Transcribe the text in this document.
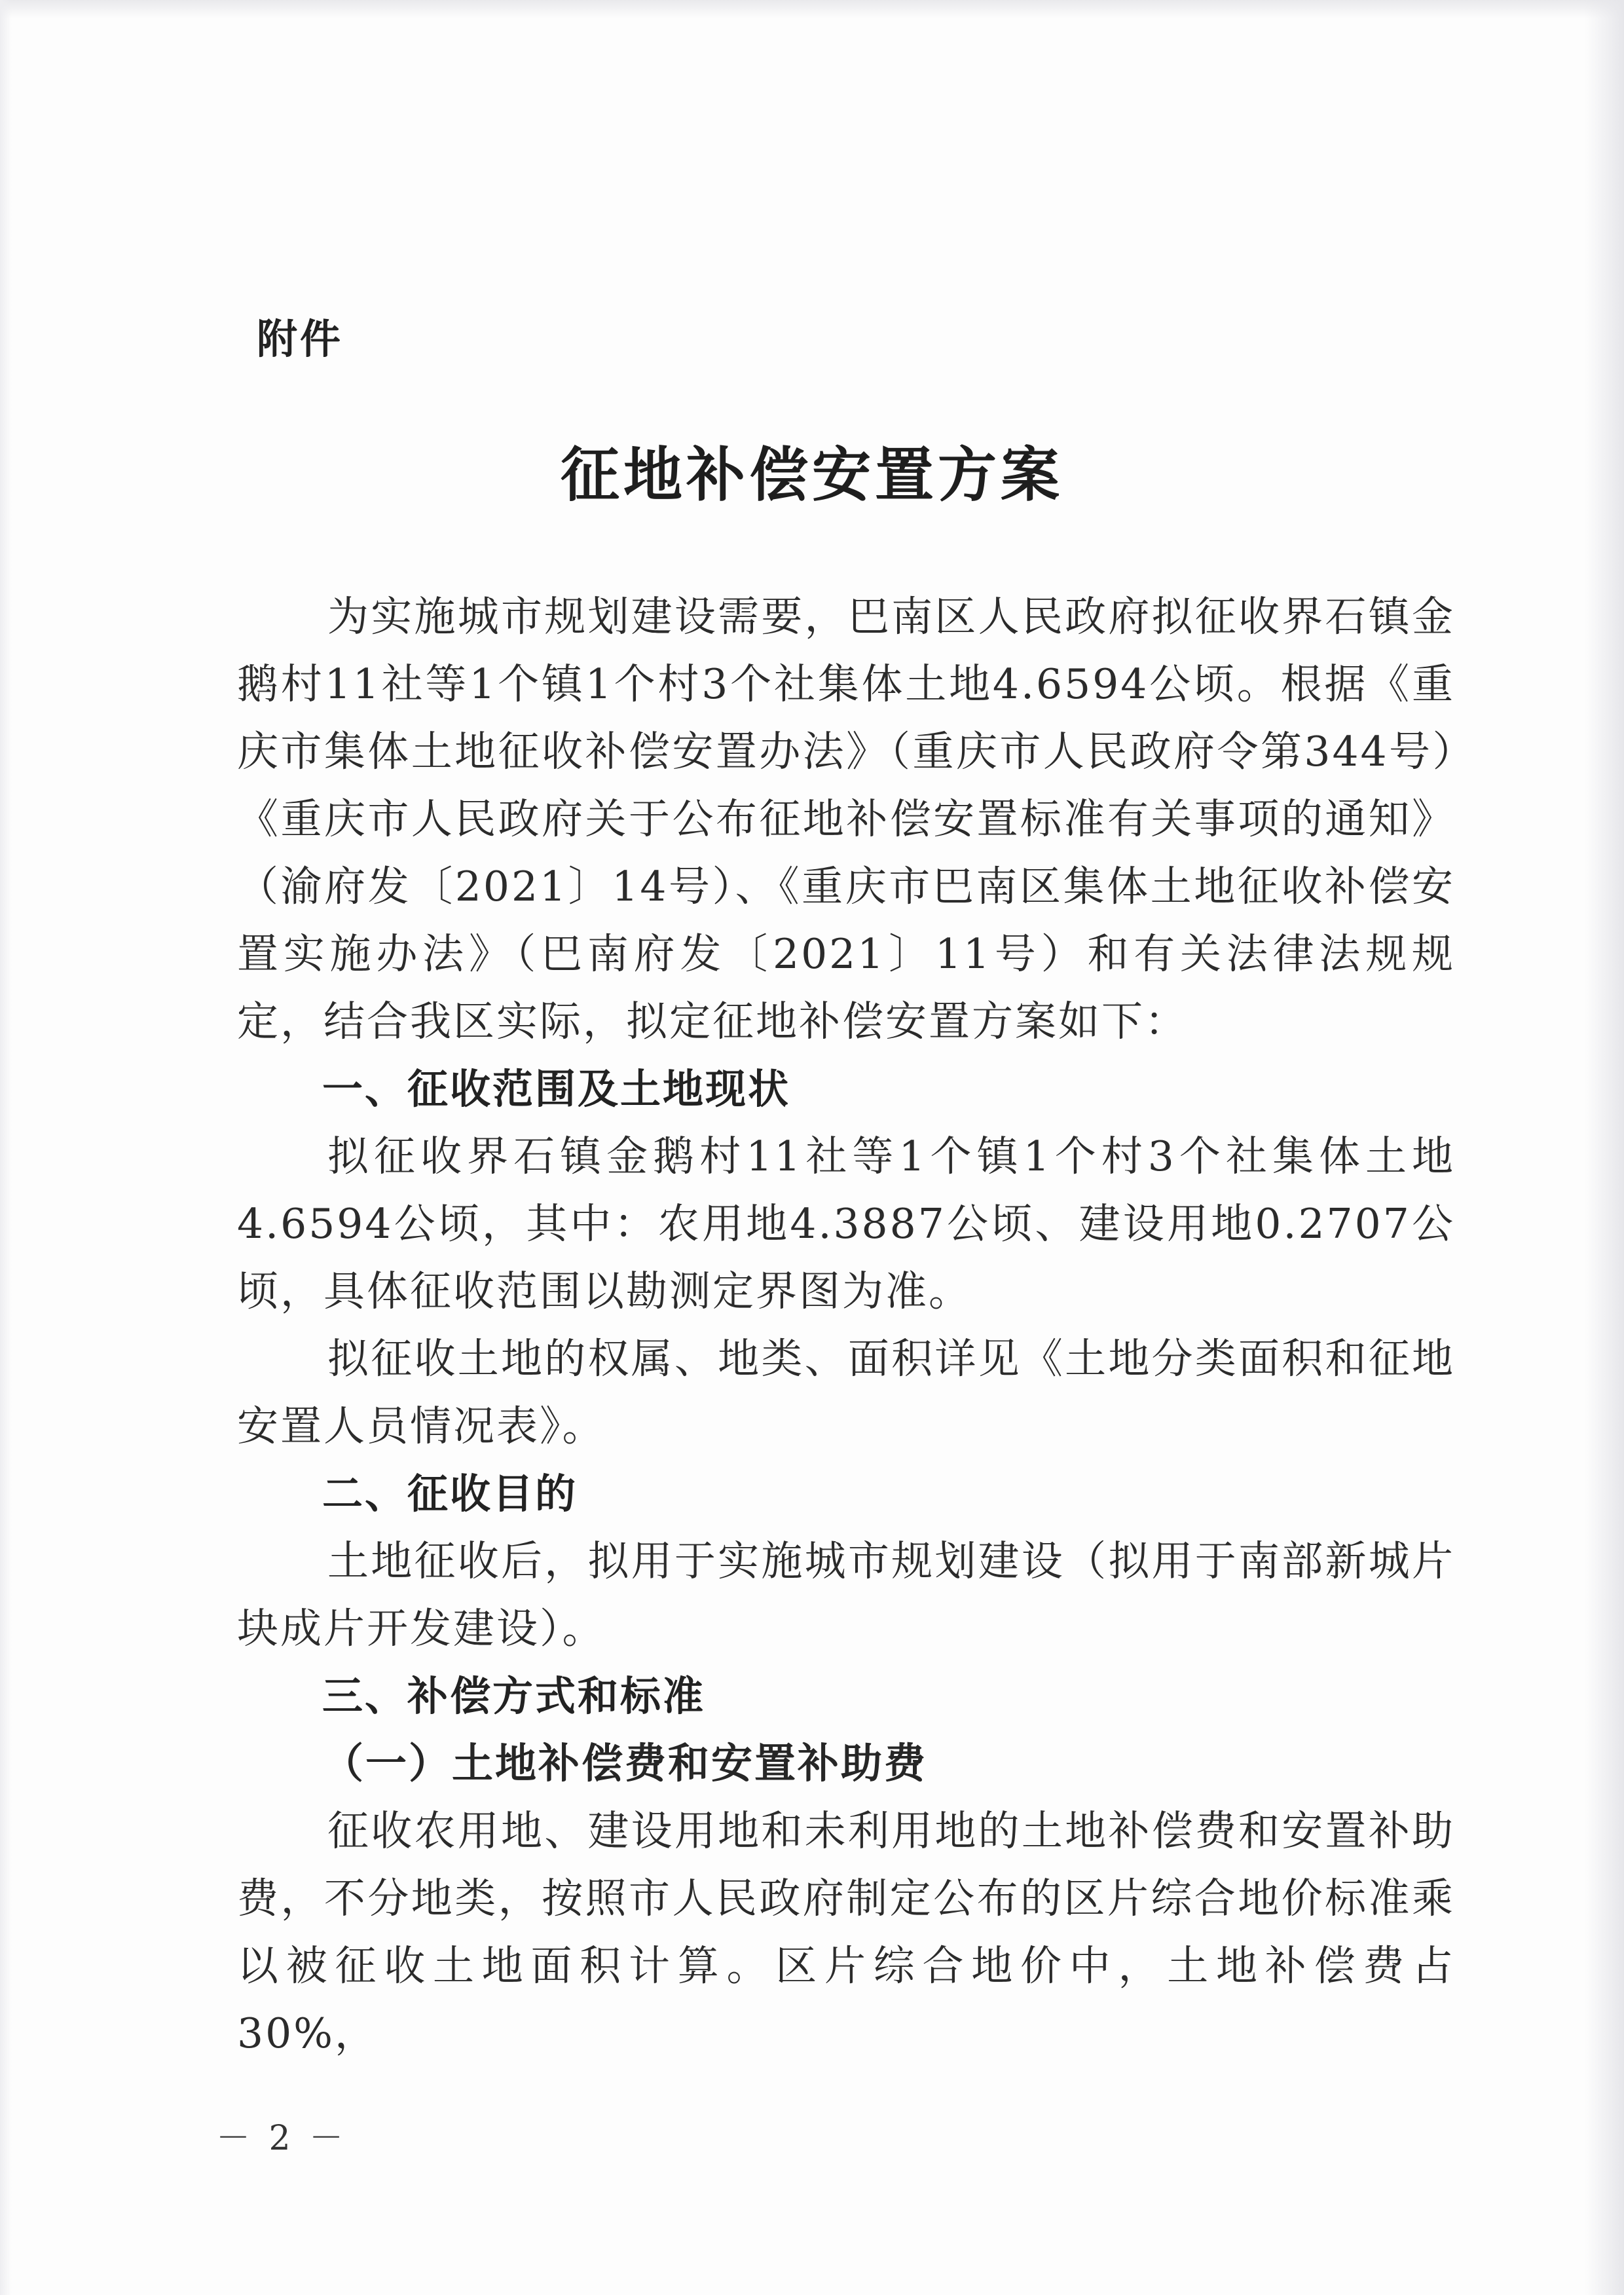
附件
征地补偿安置方案

为实施城市规划建设需要，巴南区人民政府拟征收界石镇金鹅村11社等1个镇1个村3个社集体土地4.6594公顷。根据《重庆市集体土地征收补偿安置办法》（重庆市人民政府令第344号）《重庆市人民政府关于公布征地补偿安置标准有关事项的通知》（渝府发〔2021〕14号）、《重庆市巴南区集体土地征收补偿安置实施办法》（巴南府发〔2021〕11号）和有关法律法规规定，结合我区实际，拟定征地补偿安置方案如下：

一、征收范围及土地现状

拟征收界石镇金鹅村11社等1个镇1个村3个社集体土地4.6594公顷，其中：农用地4.3887公顷、建设用地0.2707公顷，具体征收范围以勘测定界图为准。

拟征收土地的权属、地类、面积详见《土地分类面积和征地安置人员情况表》。

二、征收目的

土地征收后，拟用于实施城市规划建设（拟用于南部新城片块成片开发建设）。

三、补偿方式和标准

（一）土地补偿费和安置补助费

征收农用地、建设用地和未利用地的土地补偿费和安置补助费，不分地类，按照市人民政府制定公布的区片综合地价标准乘以被征收土地面积计算。区片综合地价中，土地补偿费占30%，

－ 2 －
